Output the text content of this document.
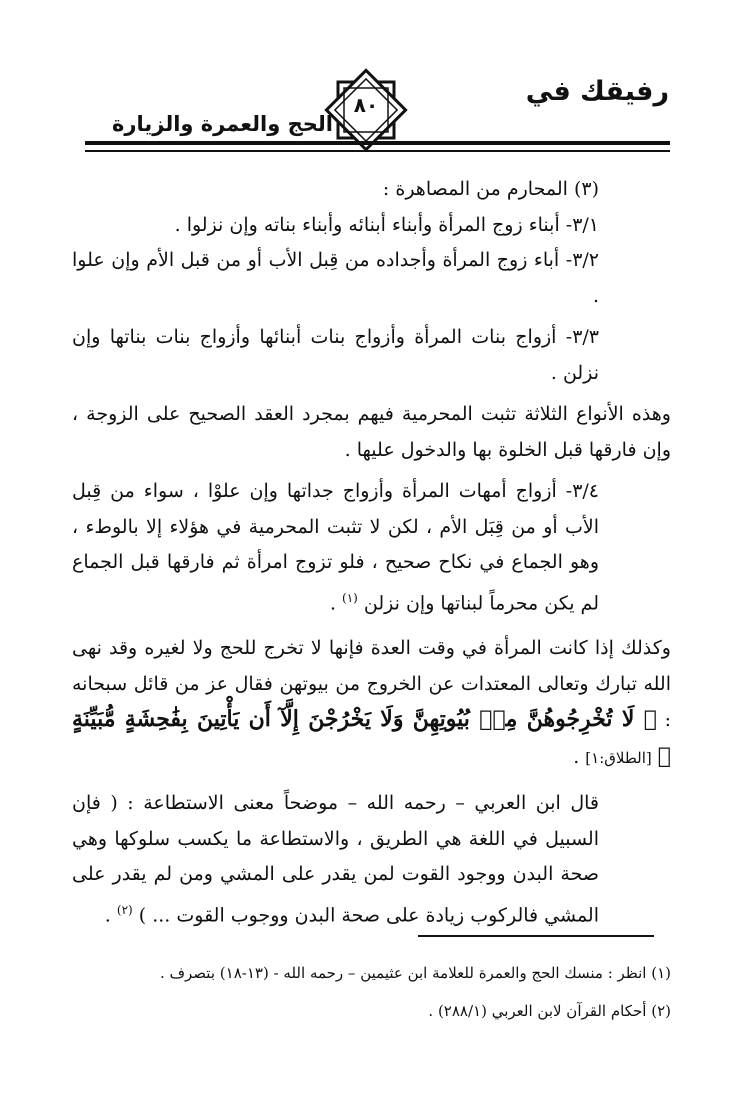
رفيقك في
الحج والعمرة والزيارة
٨٠

(٣) المحارم من المصاهرة :

٣/١- أبناء زوج المرأة وأبناء أبنائه وأبناء بناته وإن نزلوا .

٣/٢- أباء زوج المرأة وأجداده من قِبل الأب أو من قبل الأم وإن علوا .

٣/٣- أزواج بنات المرأة وأزواج بنات أبنائها وأزواج بنات بناتها وإن نزلن .

وهذه الأنواع الثلاثة تثبت المحرمية فيهم بمجرد العقد الصحيح على الزوجة ، وإن فارقها قبل الخلوة بها والدخول عليها .

٣/٤- أزواج أمهات المرأة وأزواج جداتها وإن علوْا ، سواء من قِبل الأب أو من قِبَل الأم ، لكن لا تثبت المحرمية في هؤلاء إلا بالوطء ، وهو الجماع في نكاح صحيح ، فلو تزوج امرأة ثم فارقها قبل الجماع لم يكن محرماً لبناتها وإن نزلن $^{(١)}$ .

وكذلك إذا كانت المرأة في وقت العدة فإنها لا تخرج للحج ولا لغيره وقد نهى الله تبارك وتعالى المعتدات عن الخروج من بيوتهن فقال عز من قائل سبحانه : ﴿ لَا تُخْرِجُوهُنَّ مِنۢ بُيُوتِهِنَّ وَلَا يَخْرُجْنَ إِلَّآ أَن يَأْتِينَ بِفَٰحِشَةٍ مُّبَيِّنَةٍ ﴾ [الطلاق:١] .

قال ابن العربي – رحمه الله – موضحاً معنى الاستطاعة : ( فإن السبيل في اللغة هي الطريق ، والاستطاعة ما يكسب سلوكها وهي صحة البدن ووجود القوت لمن يقدر على المشي ومن لم يقدر على المشي فالركوب زيادة على صحة البدن ووجوب القوت ... ) $^{(٢)}$ .

(١) انظر : منسك الحج والعمرة للعلامة ابن عثيمين – رحمه الله - (١٣-١٨) بتصرف .

(٢) أحكام القرآن لابن العربي (٢٨٨/١) .
